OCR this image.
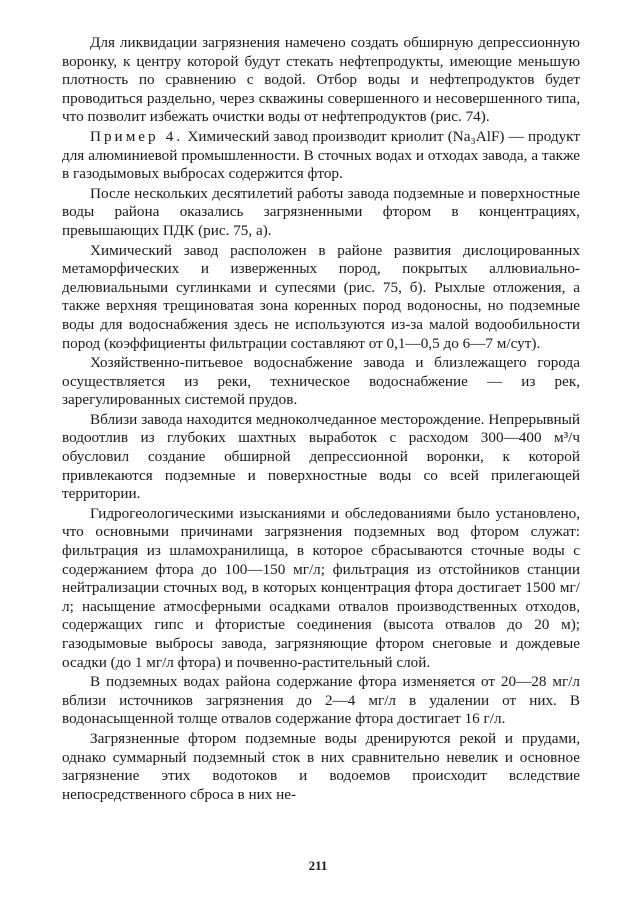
Для ликвидации загрязнения намечено создать обширную депрессионную воронку, к центру которой будут стекать нефтепродукты, имеющие меньшую плотность по сравнению с водой. Отбор воды и нефтепродуктов будет проводиться раздельно, через скважины совершенного и несовершенного типа, что позволит избежать очистки воды от нефтепродуктов (рис. 74).

Пример 4. Химический завод производит криолит (Na₃AlF) — продукт для алюминиевой промышленности. В сточных водах и отходах завода, а также в газодымовых выбросах содержится фтор.

После нескольких десятилетий работы завода подземные и поверхностные воды района оказались загрязненными фтором в концентрациях, превышающих ПДК (рис. 75, а).

Химический завод расположен в районе развития дислоцированных метаморфических и изверженных пород, покрытых аллювиально-делювиальными суглинками и супесями (рис. 75, б). Рыхлые отложения, а также верхняя трещиноватая зона коренных пород водоносны, но подземные воды для водоснабжения здесь не используются из-за малой водообильности пород (коэффициенты фильтрации составляют от 0,1—0,5 до 6—7 м/сут).

Хозяйственно-питьевое водоснабжение завода и близлежащего города осуществляется из реки, техническое водоснабжение — из рек, зарегулированных системой прудов.

Вблизи завода находится медноколчеданное месторождение. Непрерывный водоотлив из глубоких шахтных выработок с расходом 300—400 м³/ч обусловил создание обширной депрессионной воронки, к которой привлекаются подземные и поверхностные воды со всей прилегающей территории.

Гидрогеологическими изысканиями и обследованиями было установлено, что основными причинами загрязнения подземных вод фтором служат: фильтрация из шламохранилища, в которое сбрасываются сточные воды с содержанием фтора до 100—150 мг/л; фильтрация из отстойников станции нейтрализации сточных вод, в которых концентрация фтора достигает 1500 мг/л; насыщение атмосферными осадками отвалов производственных отходов, содержащих гипс и фтористые соединения (высота отвалов до 20 м); газодымовые выбросы завода, загрязняющие фтором снеговые и дождевые осадки (до 1 мг/л фтора) и почвенно-растительный слой.

В подземных водах района содержание фтора изменяется от 20—28 мг/л вблизи источников загрязнения до 2—4 мг/л в удалении от них. В водонасыщенной толще отвалов содержание фтора достигает 16 г/л.

Загрязненные фтором подземные воды дренируются рекой и прудами, однако суммарный подземный сток в них сравнительно невелик и основное загрязнение этих водотоков и водоемов происходит вследствие непосредственного сброса в них не-

211
